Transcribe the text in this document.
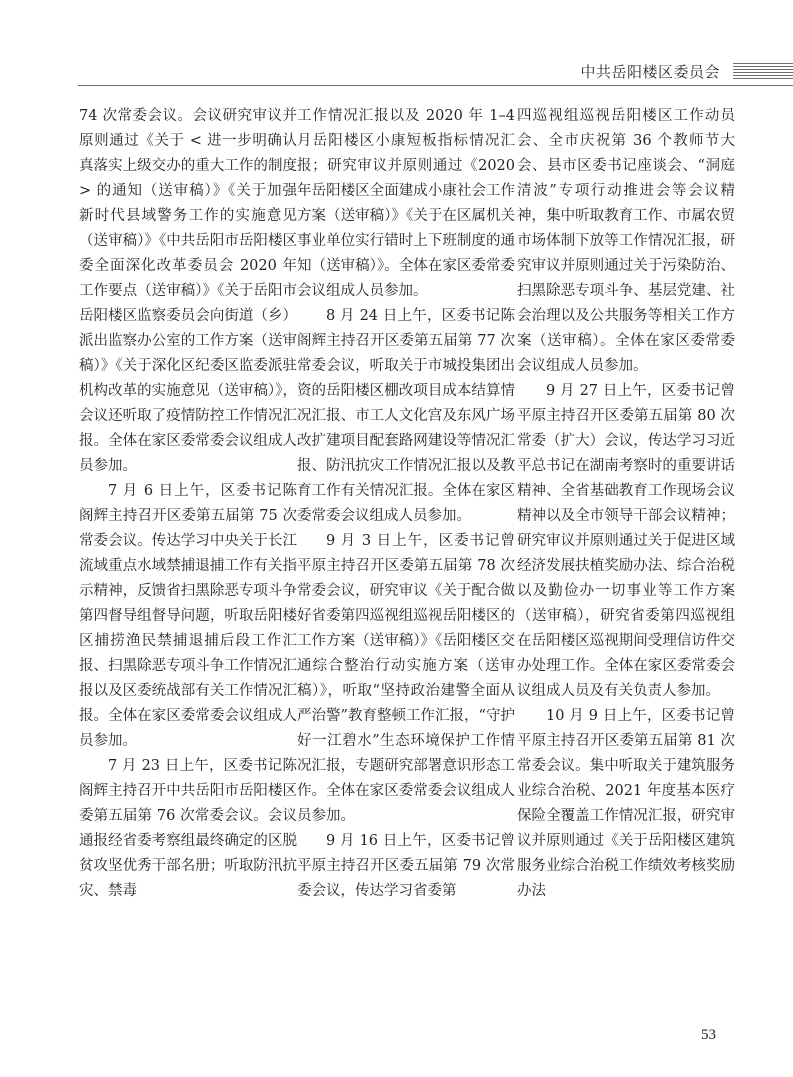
中共岳阳楼区委员会

74 次常委会议。会议研究审议并原则通过《关于 < 进一步明确认真落实上级交办的重大工作的制度 > 的通知（送审稿）》《关于加强新时代县域警务工作的实施意见（送审稿）》《中共岳阳市岳阳楼区委全面深化改革委员会 2020 年工作要点（送审稿）》《关于岳阳市岳阳楼区监察委员会向街道（乡）派出监察办公室的工作方案（送审稿）》《关于深化区纪委区监委派驻机构改革的实施意见（送审稿）》，会议还听取了疫情防控工作情况汇报。全体在家区委常委会议组成人员参加。

7 月 6 日上午，区委书记陈阁辉主持召开区委第五届第 75 次常委会议。传达学习中央关于长江流域重点水域禁捕退捕工作有关指示精神，反馈省扫黑除恶专项斗争第四督导组督导问题，听取岳阳楼区捕捞渔民禁捕退捕后段工作汇报、扫黑除恶专项斗争工作情况汇报以及区委统战部有关工作情况汇报。全体在家区委常委会议组成人员参加。

7 月 23 日上午，区委书记陈阁辉主持召开中共岳阳市岳阳楼区委第五届第 76 次常委会议。会议通报经省委考察组最终确定的区脱贫攻坚优秀干部名册；听取防汛抗灾、禁毒

工作情况汇报以及 2020 年 1–4 月岳阳楼区小康短板指标情况汇报；研究审议并原则通过《2020 年岳阳楼区全面建成小康社会工作方案（送审稿）》《关于在区属机关事业单位实行错时上下班制度的通知（送审稿）》。全体在家区委常委会议组成人员参加。

8 月 24 日上午，区委书记陈阁辉主持召开区委第五届第 77 次常委会议，听取关于市城投集团出资的岳阳楼区棚改项目成本结算情况汇报、市工人文化宫及东风广场改扩建项目配套路网建设等情况汇报、防汛抗灾工作情况汇报以及教育工作有关情况汇报。全体在家区委常委会议组成人员参加。

9 月 3 日上午，区委书记曾平原主持召开区委第五届第 78 次常委会议，研究审议《关于配合做好省委第四巡视组巡视岳阳楼区的工作方案（送审稿）》《岳阳楼区交通综合整治行动实施方案（送审稿）》，听取“坚持政治建警全面从严治警”教育整顿工作汇报，“守护好一江碧水”生态环境保护工作情况汇报，专题研究部署意识形态工作。全体在家区委常委会议组成人员参加。

9 月 16 日上午，区委书记曾平原主持召开区委五届第 79 次常委会议，传达学习省委第

四巡视组巡视岳阳楼区工作动员会、全市庆祝第 36 个教师节大会、县市区委书记座谈会、“洞庭清波”专项行动推进会等会议精神，集中听取教育工作、市属农贸市场体制下放等工作情况汇报，研究审议并原则通过关于污染防治、扫黑除恶专项斗争、基层党建、社会治理以及公共服务等相关工作方案（送审稿）。全体在家区委常委会议组成人员参加。

9 月 27 日上午，区委书记曾平原主持召开区委第五届第 80 次常委（扩大）会议，传达学习习近平总书记在湖南考察时的重要讲话精神、全省基础教育工作现场会议精神以及全市领导干部会议精神；研究审议并原则通过关于促进区域经济发展扶植奖励办法、综合治税以及勤俭办一切事业等工作方案（送审稿），研究省委第四巡视组在岳阳楼区巡视期间受理信访件交办处理工作。全体在家区委常委会议组成人员及有关负责人参加。

10 月 9 日上午，区委书记曾平原主持召开区委第五届第 81 次常委会议。集中听取关于建筑服务业综合治税、2021 年度基本医疗保险全覆盖工作情况汇报，研究审议并原则通过《关于岳阳楼区建筑服务业综合治税工作绩效考核奖励办法

53
